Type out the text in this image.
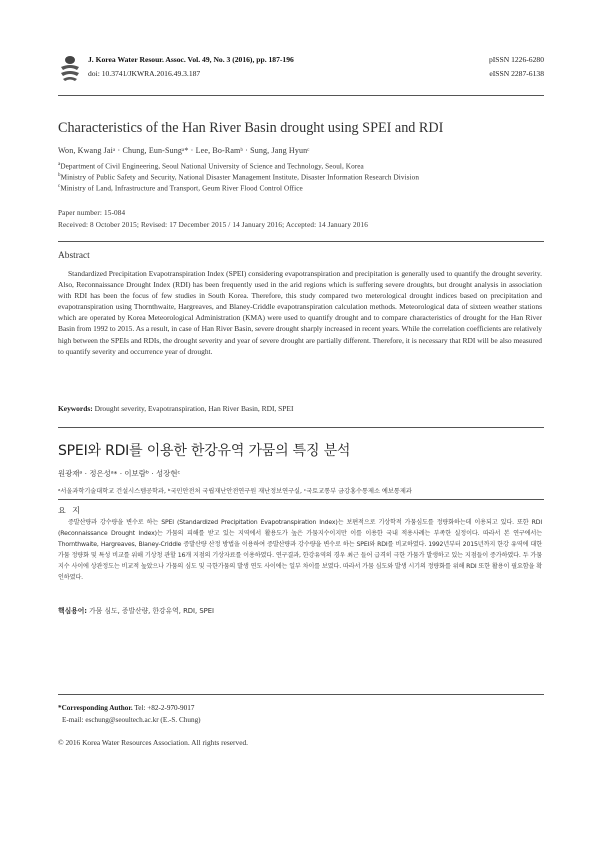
J. Korea Water Resour. Assoc. Vol. 49, No. 3 (2016), pp. 187-196
doi: 10.3741/JKWRA.2016.49.3.187
pISSN 1226-6280
eISSN 2287-6138
Characteristics of the Han River Basin drought using SPEI and RDI
Won, Kwang Jaiᵃ · Chung, Eun-Sungᵃ* · Lee, Bo-Ramᵇ · Sung, Jang Hyunᶜ
$^a$Department of Civil Engineering, Seoul National University of Science and Technology, Seoul, Korea
$^b$Ministry of Public Safety and Security, National Disaster Management Institute, Disaster Information Research Division
$^c$Ministry of Land, Infrastructure and Transport, Geum River Flood Control Office
Paper number: 15-084
Received: 8 October 2015; Revised: 17 December 2015 / 14 January 2016; Accepted: 14 January 2016
Abstract

Standardized Precipitation Evapotranspiration Index (SPEI) considering evapotranspiration and precipitation is generally used to quantify the drought severity. Also, Reconnaissance Drought Index (RDI) has been frequently used in the arid regions which is suffering severe droughts, but drought analysis in association with RDI has been the focus of few studies in South Korea. Therefore, this study compared two meterological drought indices based on precipitation and evapotranspiration using Thornthwaite, Hargreaves, and Blaney-Criddle evapotranspiration calculation methods. Meteorological data of sixteen weather stations which are operated by Korea Meteorological Administration (KMA) were used to quantify drought and to compare characteristics of drought for the Han River Basin from 1992 to 2015. As a result, in case of Han River Basin, severe drought sharply increased in recent years. While the correlation coefficients are relatively high between the SPEIs and RDIs, the drought severity and year of severe drought are partially different. Therefore, it is necessary that RDI will be also measured to quantify severity and occurrence year of drought.

Keywords: Drought severity, Evapotranspiration, Han River Basin, RDI, SPEI
SPEI와 RDI를 이용한 한강유역 가뭄의 특징 분석
원광재ᵃ · 정은성ᵃ* · 이보람ᵇ · 성장현ᶜ
ᵃ서울과학기술대학교 건설시스템공학과, ᵇ국민안전처 국립재난안전연구원 재난정보연구실, ᶜ국토교통부 금강홍수통제소 예보통제과
요 지

증발산량과 강수량을 변수로 하는 SPEI (Standardized Precipitation Evapotranspiration Index)는 보편적으로 기상학적 가뭄심도를 정량화하는데 이용되고 있다. 또한 RDI (Reconnaissance Drought Index)는 가뭄의 피해를 받고 있는 지역에서 활용도가 높은 가뭄지수이지만 이를 이용한 국내 적용사례는 부족한 실정이다. 따라서 본 연구에서는 Thornthwaite, Hargreaves, Blaney-Criddle 증발산량 산정 방법을 이용하여 증발산량과 강수량을 변수로 하는 SPEI와 RDI를 비교하였다. 1992년부터 2015년까지 한강 유역에 대한 가뭄 정량화 및 특성 비교를 위해 기상청 관할 16개 지점의 기상자료를 이용하였다. 연구결과, 한강유역의 경우 최근 들어 급격히 극한 가뭄가 발생하고 있는 지점들이 증가하였다. 두 가뭄지수 사이에 상관정도는 비교적 높았으나 가뭄의 심도 및 극한가뭄의 발생 연도 사이에는 일부 차이를 보였다. 따라서 가뭄 심도와 발생 시기의 정량화를 위해 RDI 또한 활용이 필요함을 확인하였다.

핵심용어: 가뭄 심도, 증발산량, 한강유역, RDI, SPEI
*Corresponding Author. Tel: +82-2-970-9017
E-mail: eschung@seoultech.ac.kr (E.-S. Chung)
© 2016 Korea Water Resources Association. All rights reserved.
